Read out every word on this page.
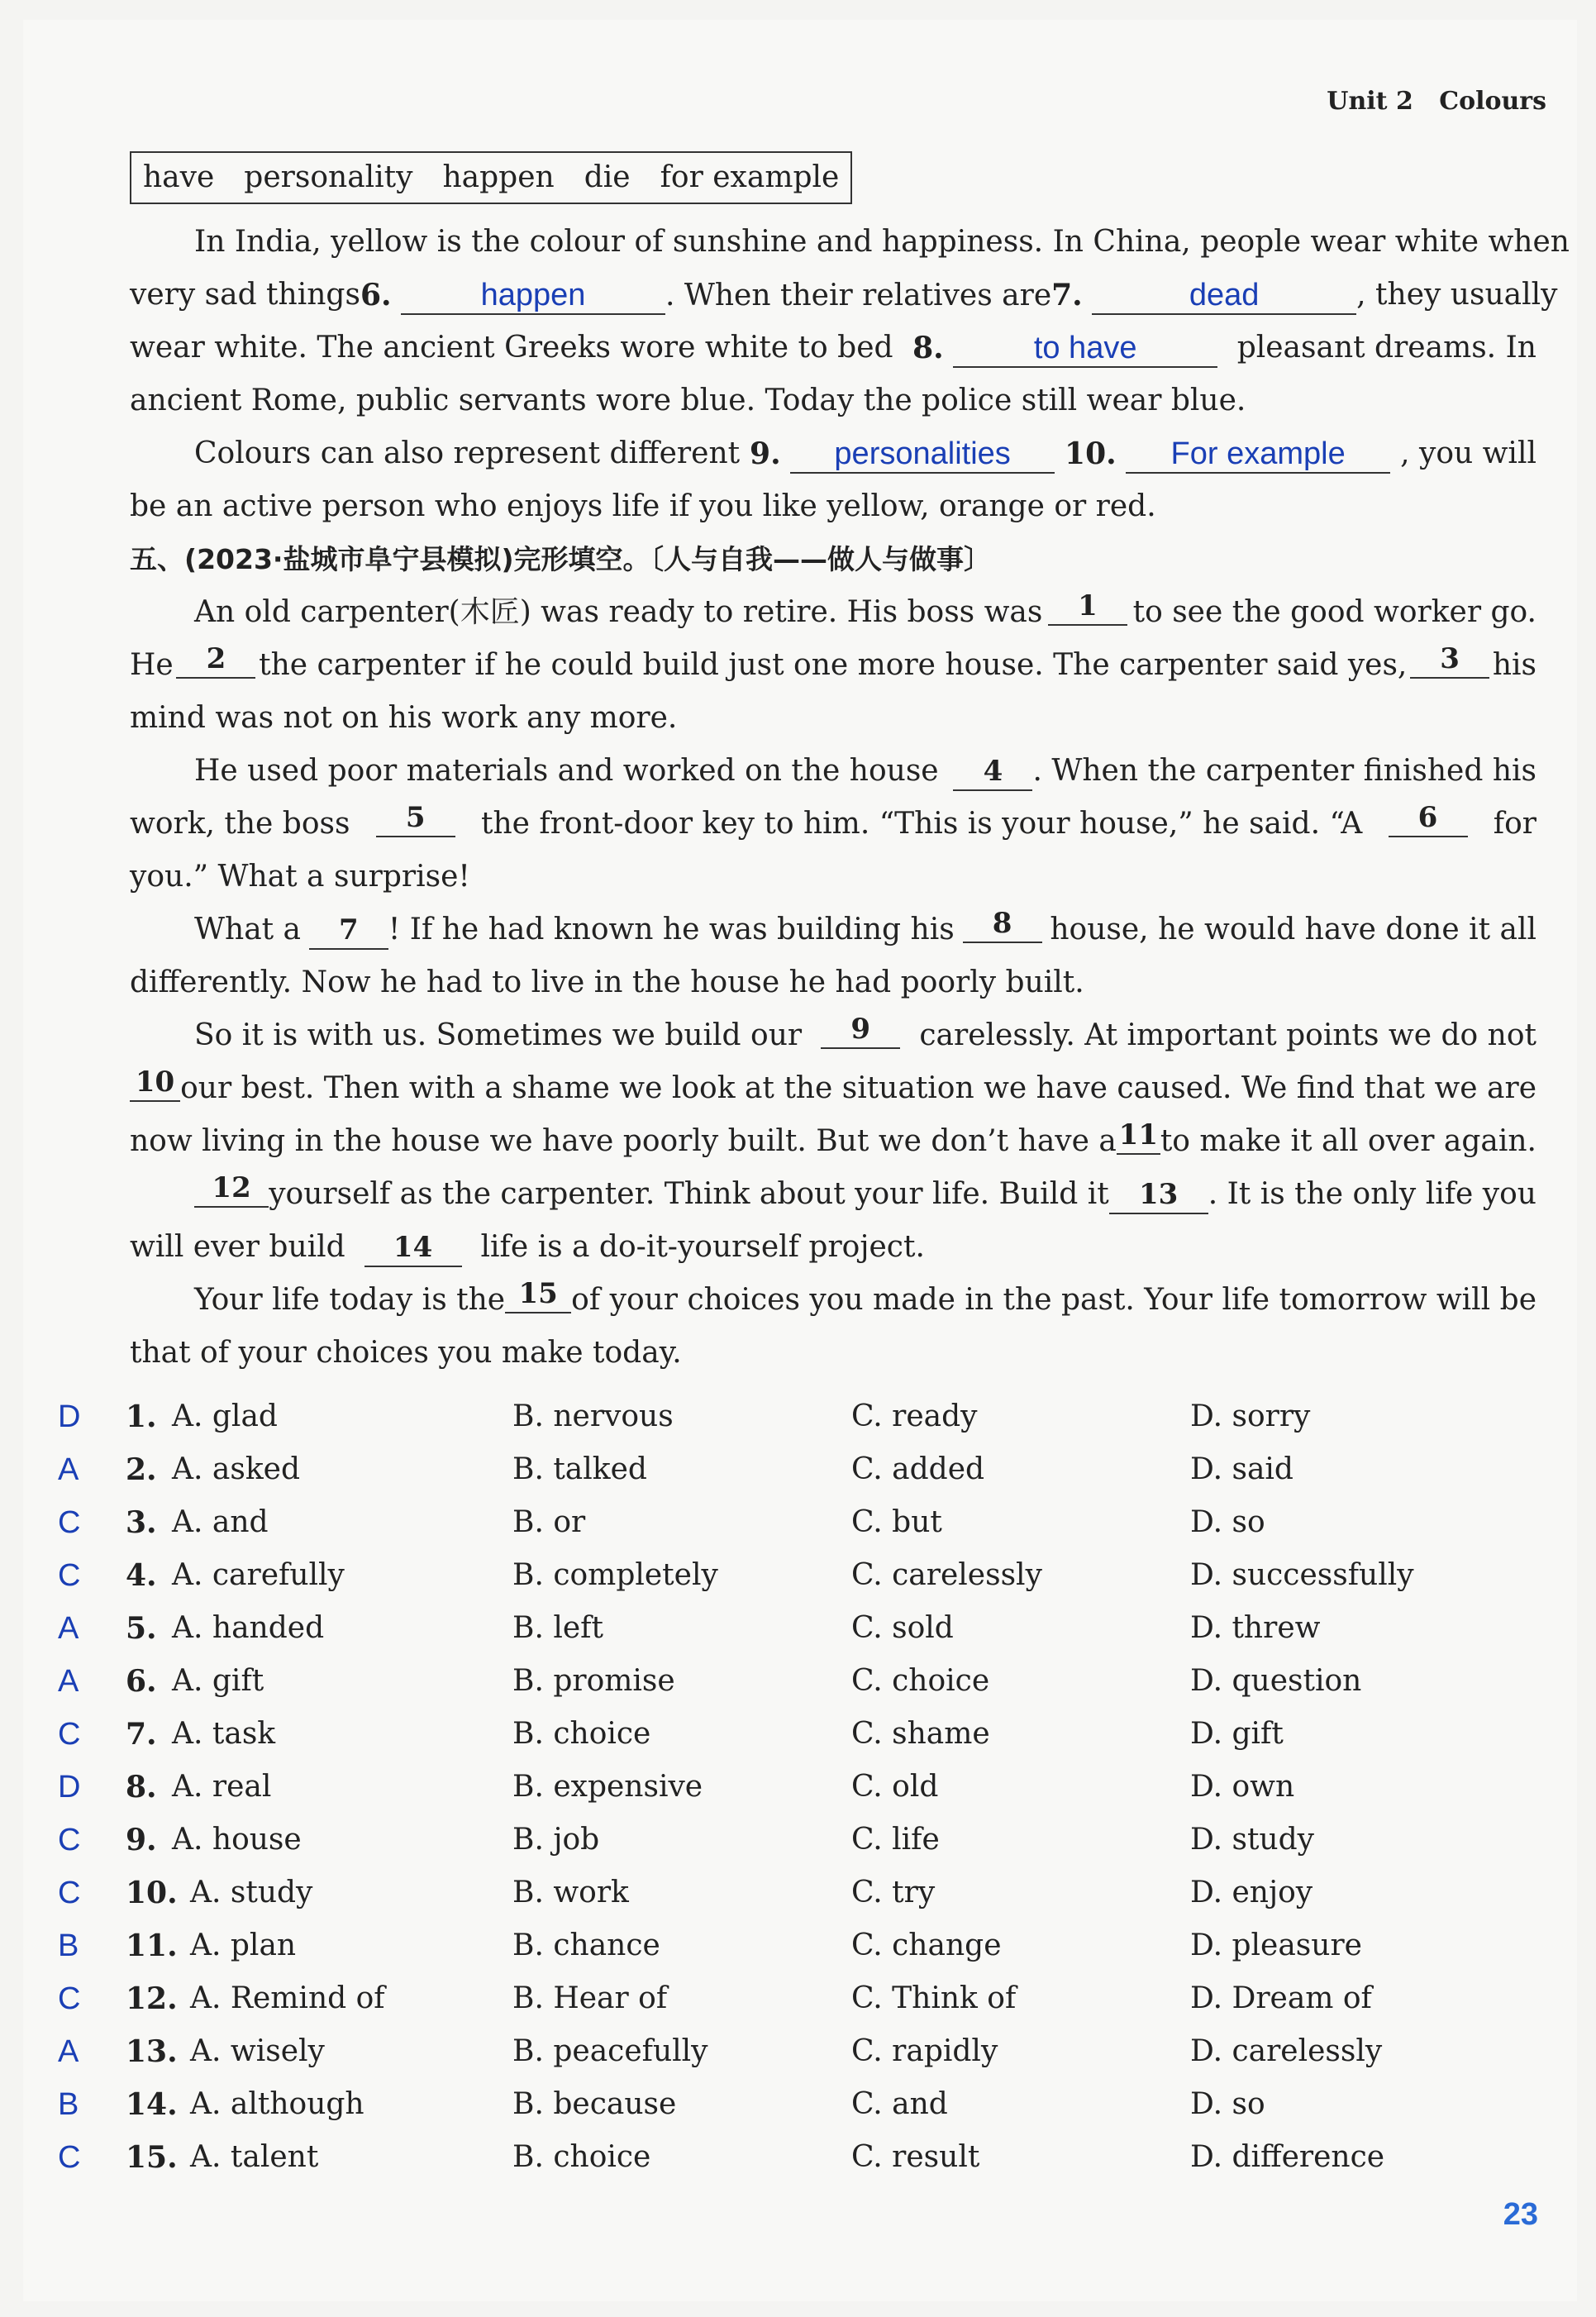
Unit 2 Colours
have personality happen die for example
In India, yellow is the colour of sunshine and happiness. In China, people wear white when
very sad things 6.	happen	. When their relatives are 7.	dead	, they usually
wear white. The ancient Greeks wore white to bed 8.	to have	pleasant dreams. In
ancient Rome, public servants wore blue. Today the police still wear blue.
Colours can also represent different 9. personalities	10. For example	, you will
be an active person who enjoys life if you like yellow, orange or red.
五、(2023·盐城市阜宁县模拟)完形填空。〔人与自我——做人与做事〕
An old carpenter(木匠) was ready to retire. His boss was	1	to see the good worker go.
He	2	the carpenter if he could build just one more house. The carpenter said yes,	3	his
mind was not on his work any more.
He used poor materials and worked on the house	4 . When the carpenter finished his
work, the boss	5	the front-door key to him. “This is your house,” he said. “A	6	for
you.” What a surprise!
What a	7 ! If he had known he was building his	8	house, he would have done it all
differently. Now he had to live in the house he had poorly built.
So it is with us. Sometimes we build our	9	carelessly. At important points we do not
10 our best. Then with a shame we look at the situation we have caused. We find that we are
now living in the house we have poorly built. But we don’t have a 11 to make it all over again.
12 yourself as the carpenter. Think about your life. Build it	13 . It is the only life you
will ever build 14 life is a do-it-yourself project.
Your life today is the 15 of your choices you made in the past. Your life tomorrow will be
that of your choices you make today.
D 1. A. glad	B. nervous	C. ready	D. sorry
A 2. A. asked	B. talked	C. added	D. said
C 3. A. and	B. or	C. but	D. so
C 4. A. carefully	B. completely	C. carelessly	D. successfully
A 5. A. handed	B. left	C. sold	D. threw
A 6. A. gift	B. promise	C. choice	D. question
C 7. A. task	B. choice	C. shame	D. gift
D 8. A. real	B. expensive	C. old	D. own
C 9. A. house	B. job	C. life	D. study
C 10. A. study	B. work	C. try	D. enjoy
B 11. A. plan	B. chance	C. change	D. pleasure
C 12. A. Remind of	B. Hear of	C. Think of	D. Dream of
A 13. A. wisely	B. peacefully	C. rapidly	D. carelessly
B 14. A. although	B. because	C. and	D. so
C 15. A. talent	B. choice	C. result	D. difference
23
